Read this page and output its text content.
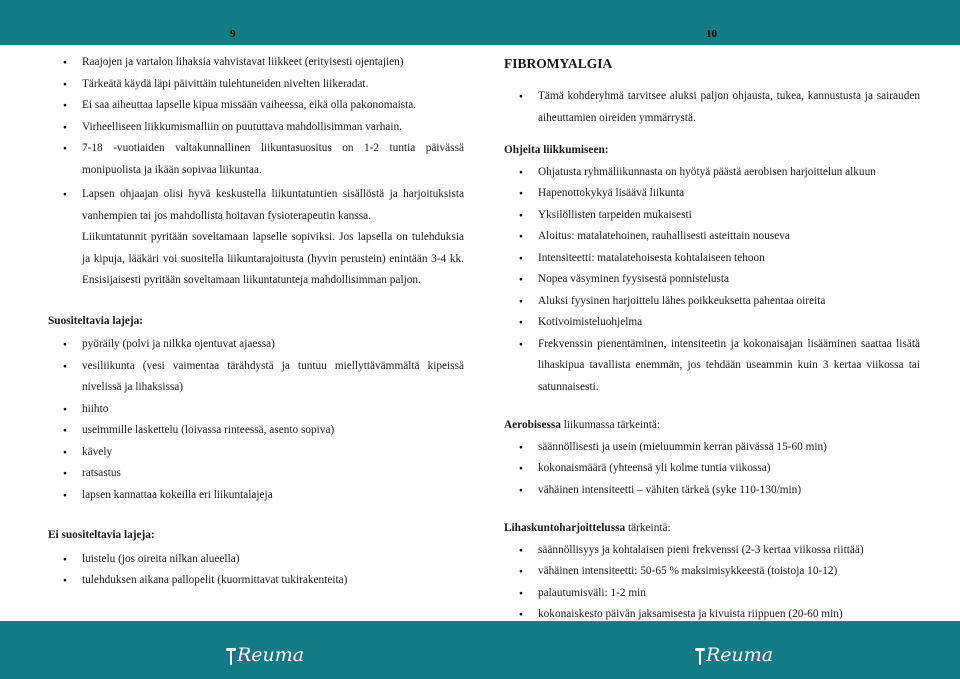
9	10
● Raajojen ja vartalon lihaksia vahvistavat liikkeet (erityisesti ojentajien)
● Tärkeätä käydä läpi päivittäin tulehtuneiden nivelten liikeradat.
● Ei saa aiheuttaa lapselle kipua missään vaiheessa, eikä olla pakonomaista.
● Virheelliseen liikkumismalliin on puututtava mahdollisimman varhain.
● 7-18 -vuotiaiden valtakunnallinen liikuntasuositus on 1-2 tuntia päivässä monipuolista ja ikään sopivaa liikuntaa.
● Lapsen ohjaajan olisi hyvä keskustella liikuntatuntien sisällöstä ja harjoituksista vanhempien tai jos mahdollista hoitavan fysioterapeutin kanssa.
Liikuntatunnit pyritään soveltamaan lapselle sopiviksi. Jos lapsella on tulehduksia ja kipuja, lääkäri voi suositella liikuntarajoitusta (hyvin perustein) enintään 3-4 kk. Ensisijaisesti pyritään soveltamaan liikuntatunteja mahdollisimman paljon.

Suositeltavia lajeja:

● pyöräily (polvi ja nilkka ojentuvat ajaessa)
● vesiliikunta (vesi vaimentaa tärähdystä ja tuntuu miellyttävämmältä kipeissä nivelissä ja lihaksissa)
● hiihto
● useimmille laskettelu (loivassa rinteessä, asento sopiva)
● kävely
● ratsastus
● lapsen kannattaa kokeilla eri liikuntalajeja

Ei suositeltavia lajeja:

● luistelu (jos oireita nilkan alueella)
● tulehduksen aikana pallopelit (kuormittavat tukirakenteita)

FIBROMYALGIA

● Tämä kohderyhmä tarvitsee aluksi paljon ohjausta, tukea, kannustusta ja sairauden aiheuttamien oireiden ymmärrystä.

Ohjeita liikkumiseen:

● Ohjatusta ryhmäliikunnasta on hyötyä päästä aerobisen harjoittelun alkuun
● Hapenottokykyä lisäävä liikunta
● Yksilöllisten tarpeiden mukaisesti
● Aloitus: matalatehoinen, rauhallisesti asteittain nouseva
● Intensiteetti: matalatehoisesta kohtalaiseen tehoon
● Nopea väsyminen fyysisestä ponnistelusta
● Aluksi fyysinen harjoittelu lähes poikkeuksetta pahentaa oireita
● Kotivoimisteluohjelma
● Frekvenssin pienentäminen, intensiteetin ja kokonaisajan lisääminen saattaa lisätä lihaskipua tavallista enemmän, jos tehdään useammin kuin 3 kertaa viikossa tai satunnaisesti.

Aerobisessa liikunnassa tärkeintä:

● säännöllisesti ja usein (mieluummin kerran päivässä 15-60 min)
● kokonaismäärä (yhteensä yli kolme tuntia viikossa)
● vähäinen intensiteetti – vähiten tärkeä (syke 110-130/min)

Lihaskuntoharjoittelussa tärkeintä:

● säännöllisyys ja kohtalaisen pieni frekvenssi (2-3 kertaa viikossa riittää)
● vähäinen intensiteetti: 50-65 % maksimisykkeestä (toistoja 10-12)
● palautumisväli: 1-2 min
● kokonaiskesto päivän jaksamisesta ja kivuista riippuen (20-60 min)
Reuma	Reuma
